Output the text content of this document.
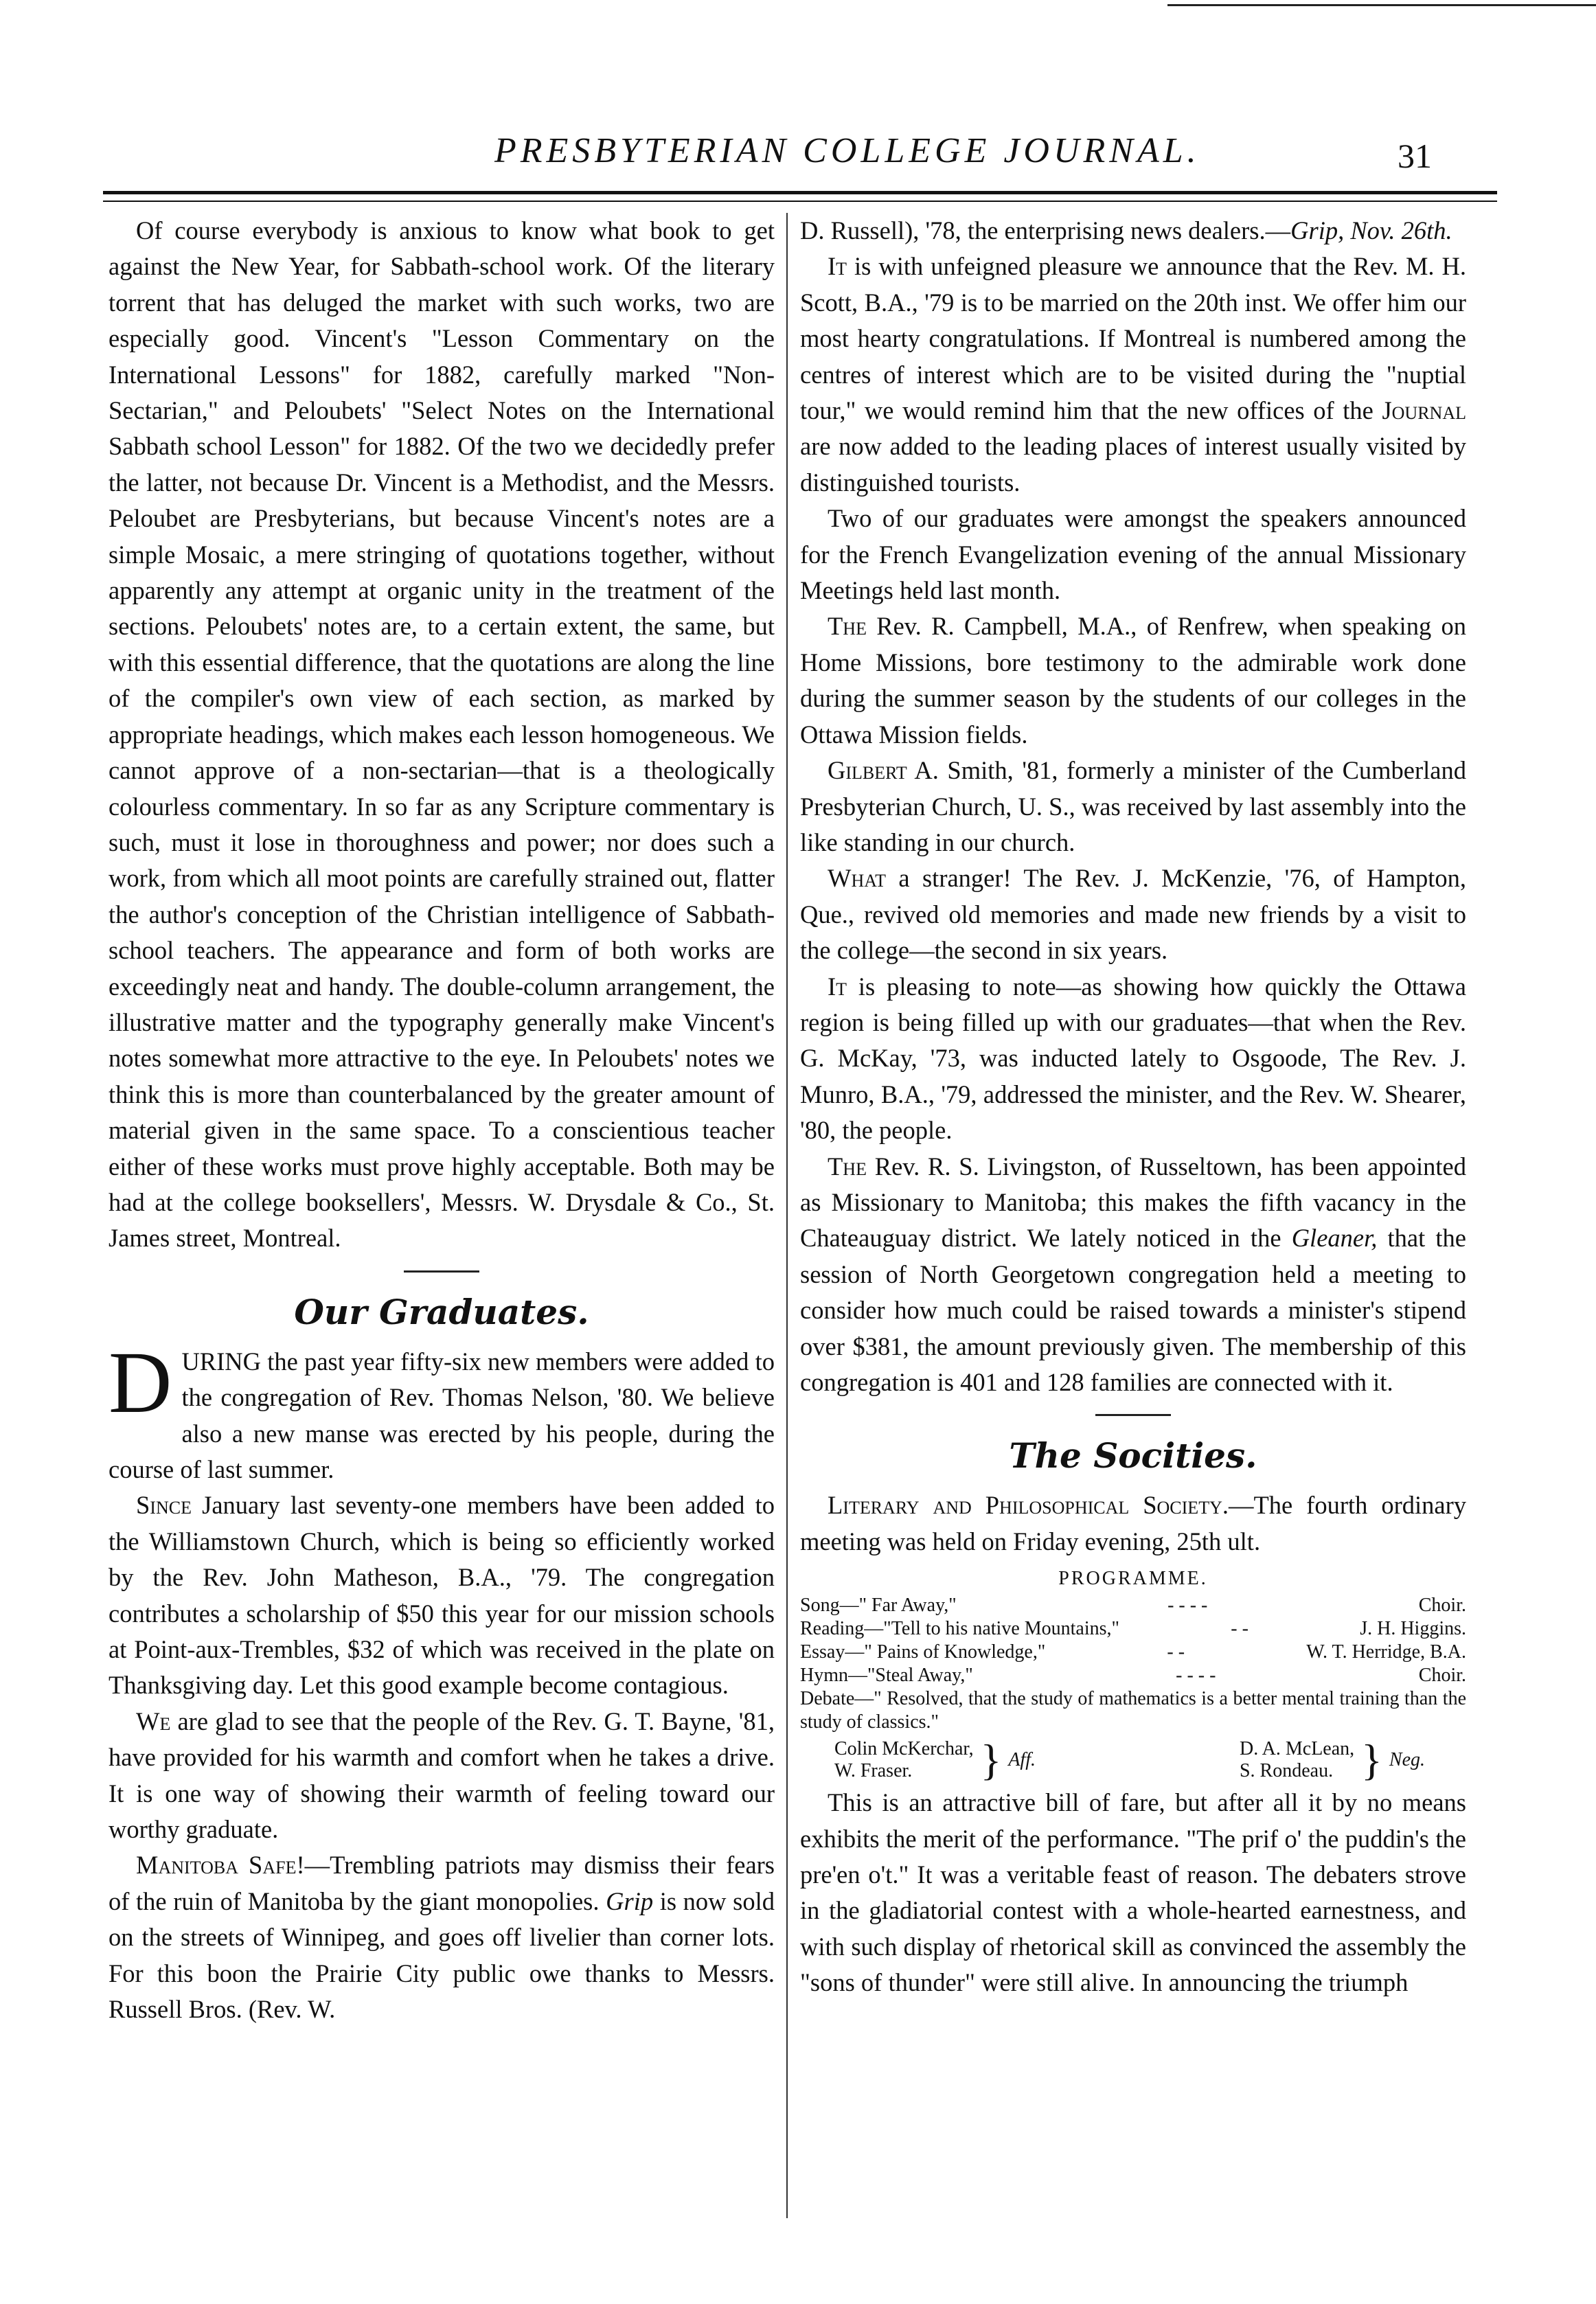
PRESBYTERIAN COLLEGE JOURNAL.	31

Of course everybody is anxious to know what book to get against the New Year, for Sabbath-school work. Of the literary torrent that has deluged the market with such works, two are especially good. Vincent's "Lesson Commentary on the International Lessons" for 1882, carefully marked "Non-Sectarian," and Peloubets' "Select Notes on the International Sabbath school Lesson" for 1882. Of the two we decidedly prefer the latter, not because Dr. Vincent is a Methodist, and the Messrs. Peloubet are Presbyterians, but because Vincent's notes are a simple Mosaic, a mere stringing of quotations together, without apparently any attempt at organic unity in the treatment of the sections. Peloubets' notes are, to a certain extent, the same, but with this essential difference, that the quotations are along the line of the compiler's own view of each section, as marked by appropriate headings, which makes each lesson homogeneous. We cannot approve of a non-sectarian—that is a theologically colourless commentary. In so far as any Scripture commentary is such, must it lose in thoroughness and power; nor does such a work, from which all moot points are carefully strained out, flatter the author's conception of the Christian intelligence of Sabbath-school teachers. The appearance and form of both works are exceedingly neat and handy. The double-column arrangement, the illustrative matter and the typography generally make Vincent's notes somewhat more attractive to the eye. In Peloubets' notes we think this is more than counterbalanced by the greater amount of material given in the same space. To a conscientious teacher either of these works must prove highly acceptable. Both may be had at the college booksellers', Messrs. W. Drysdale & Co., St. James street, Montreal.

Our Graduates.

DURING the past year fifty-six new members were added to the congregation of Rev. Thomas Nelson, '80. We believe also a new manse was erected by his people, during the course of last summer.

Since January last seventy-one members have been added to the Williamstown Church, which is being so efficiently worked by the Rev. John Matheson, B.A., '79. The congregation contributes a scholarship of $50 this year for our mission schools at Point-aux-Trembles, $32 of which was received in the plate on Thanksgiving day. Let this good example become contagious.

We are glad to see that the people of the Rev. G. T. Bayne, '81, have provided for his warmth and comfort when he takes a drive. It is one way of showing their warmth of feeling toward our worthy graduate.

Manitoba Safe!—Trembling patriots may dismiss their fears of the ruin of Manitoba by the giant monopolies. Grip is now sold on the streets of Winnipeg, and goes off livelier than corner lots. For this boon the Prairie City public owe thanks to Messrs. Russell Bros. (Rev. W.

D. Russell), '78, the enterprising news dealers.—Grip, Nov. 26th.

It is with unfeigned pleasure we announce that the Rev. M. H. Scott, B.A., '79 is to be married on the 20th inst. We offer him our most hearty congratulations. If Montreal is numbered among the centres of interest which are to be visited during the "nuptial tour," we would remind him that the new offices of the Journal are now added to the leading places of interest usually visited by distinguished tourists.

Two of our graduates were amongst the speakers announced for the French Evangelization evening of the annual Missionary Meetings held last month.

The Rev. R. Campbell, M.A., of Renfrew, when speaking on Home Missions, bore testimony to the admirable work done during the summer season by the students of our colleges in the Ottawa Mission fields.

Gilbert A. Smith, '81, formerly a minister of the Cumberland Presbyterian Church, U. S., was received by last assembly into the like standing in our church.

What a stranger! The Rev. J. McKenzie, '76, of Hampton, Que., revived old memories and made new friends by a visit to the college—the second in six years.

It is pleasing to note—as showing how quickly the Ottawa region is being filled up with our graduates—that when the Rev. G. McKay, '73, was inducted lately to Osgoode, The Rev. J. Munro, B.A., '79, addressed the minister, and the Rev. W. Shearer, '80, the people.

The Rev. R. S. Livingston, of Russeltown, has been appointed as Missionary to Manitoba; this makes the fifth vacancy in the Chateauguay district. We lately noticed in the Gleaner, that the session of North Georgetown congregation held a meeting to consider how much could be raised towards a minister's stipend over $381, the amount previously given. The membership of this congregation is 401 and 128 families are connected with it.

The Socities.

Literary and Philosophical Society.—The fourth ordinary meeting was held on Friday evening, 25th ult.

PROGRAMME.
Song—" Far Away,"	- - - -	Choir.
Reading—"Tell to his native Mountains,"	- -	J. H. Higgins.
Essay—" Pains of Knowledge,"	- -	W. T. Herridge, B.A.
Hymn—"Steal Away,"	- - - -	Choir.
Debate—" Resolved, that the study of mathematics is a better mental training than the study of classics."
Colin McKerchar,
W. Fraser.	} Aff.
D. A. McLean,
S. Rondeau. } Neg.

This is an attractive bill of fare, but after all it by no means exhibits the merit of the performance. "The prif o' the puddin's the pre'en o't." It was a veritable feast of reason. The debaters strove in the gladiatorial contest with a whole-hearted earnestness, and with such display of rhetorical skill as convinced the assembly the "sons of thunder" were still alive. In announcing the triumph
